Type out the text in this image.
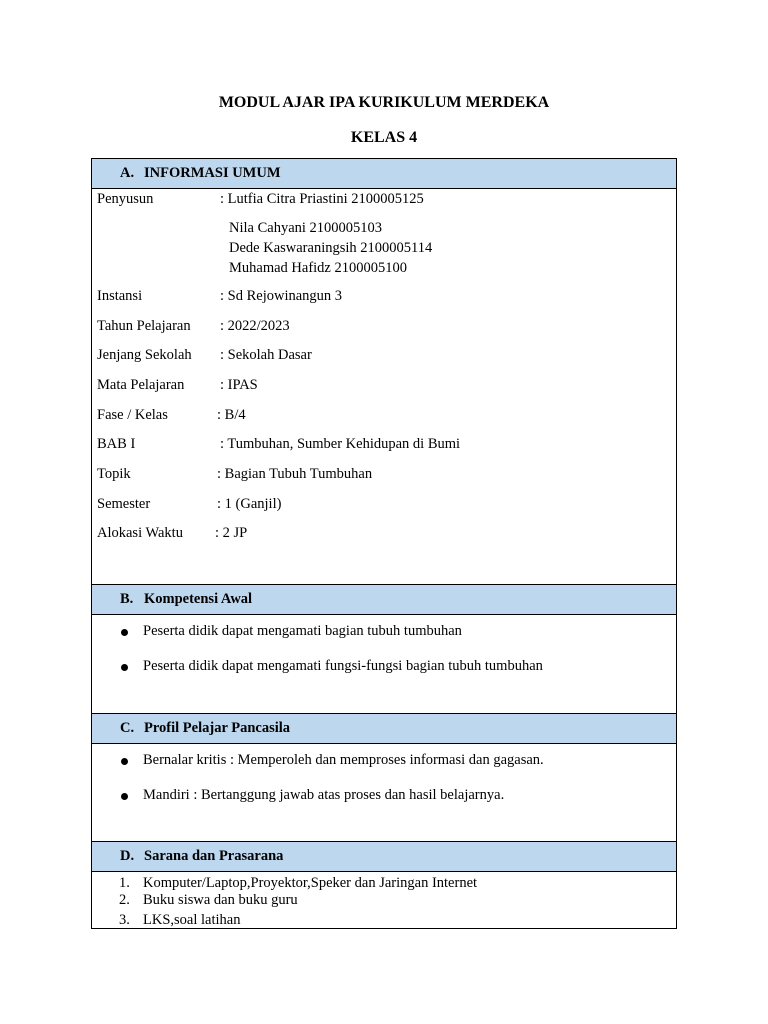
MODUL AJAR IPA KURIKULUM MERDEKA
KELAS 4
A. INFORMASI UMUM
Penyusun	: Lutfia Citra Priastini 2100005125
Nila Cahyani 2100005103
Dede Kaswaraningsih 2100005114
Muhamad Hafidz 2100005100
Instansi	: Sd Rejowinangun 3
Tahun Pelajaran : 2022/2023
Jenjang Sekolah : Sekolah Dasar
Mata Pelajaran : IPAS
Fase / Kelas	: B/4
BAB I	: Tumbuhan, Sumber Kehidupan di Bumi
Topik	: Bagian Tubuh Tumbuhan
Semester	: 1 (Ganjil)
Alokasi Waktu : 2 JP
B. Kompetensi Awal
Peserta didik dapat mengamati bagian tubuh tumbuhan
Peserta didik dapat mengamati fungsi-fungsi bagian tubuh tumbuhan
C. Profil Pelajar Pancasila
Bernalar kritis : Memperoleh dan memproses informasi dan gagasan.
Mandiri : Bertanggung jawab atas proses dan hasil belajarnya.
D. Sarana dan Prasarana
1. Komputer/Laptop,Proyektor,Speker dan Jaringan Internet
2. Buku siswa dan buku guru
3. LKS,soal latihan
